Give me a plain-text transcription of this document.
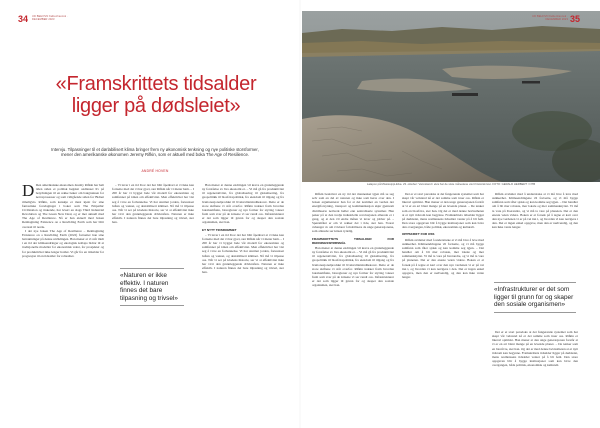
34 UD BEHOVN Københavnsk · DECEMBER 2023
«Framskrittets tidsalder ligger på dødsleiet»
Intervju. Tilpasninger til et dørlabilisert klima bringer frem ny økonomisk tenkning og nye politiske storsformer, mener den amerikanske økonomen Jeremy Rifkin, som er aktuell med boka The Age of Resilience.
ANDRÉ HOVEN
D Den amerikanske økonomen Jeremy Rifkin har helt tiden siden et politisk høgsløt ondlanset liv på betydningen til en rekke bøker om bakgrunnen for nerveprosesser og som vidtgående siden for Bidnet rimeligvis. Rifkin, som kanskje er mest kjent for sine fantastiske forsdaginger i boker som The Empathic Civilization og tinkende, har levert en slags Third Industrial Revolution og The Green New Deal, og er mer aktuell med The Age of Resilience. Nå er han aktuell med boken Reimagining Existence on a Rewilding Earth som har blitt oversatt til norsk.

I det nye boken The Age of Resilience – Reimagining Existence on a Rewilding Earth (2022) fortsetter han sine betraktninger på denne utviklingen. Han mener at vi står midt i en tid der klimaendringer og økologisk kollaps bidrar til at tradisjonelle modeller for økonomisk vekst, for prosjekter og for produktivitet ikke lenger holder. Vi går fra en tidsalder for progresjon til en tidsalder for robusthet.

– Vi lever i en tid hvor det har blitt åpenbart at vi ikke kan fortsette med det vi har gjort, sier Rifkin når vi møter ham. – I 200 år har vi bygget hele vår modell for økonomien og samfunnet på idéen om effektivitet. Men effektivitet har vist seg å være en forbannelse. Vi har utarmet jorden, forurenset luften og vannet, og destabilisert klimaet. Nå må vi tilpasse oss. Når vi ser på klodens historie, ser vi at effektivitet ikke har vært den grunnleggende drivkraften. Naturen er ikke effektiv. I naturen finnes det bare tilpasning og trivsel, sier han.

«Naturen er ikke effektiv. I naturen finnes det bare tilpasning og trivsel»

Han mener at denne endringen vil kreve en grunnleggende ny forståelse av hva økonomi er. – Vi må gå fra produktivitet til regenerativitet, fra globalisering til glokalisering, fra geopolitikk til biosfærepolitikk, fra eiendom til tilgang og fra bruttonasjonalprodukt til livskvalitetsindikatorer. Dette er de store skiftene vi står overfor. Rifkin trekker frem hvordan lokalsamfunn, bioregioner og nye former for styring vokser frem som svar på de krisene vi ser rundt oss. Infrastrukturer er det som ligger til grunn for og skaper den sosiale organismen, sier han.

ET NYTT TIDSROMMET

– Vi lever i en tid hvor det har blitt åpenbart at vi ikke kan fortsette med det vi har gjort, sier Rifkin når vi møter ham. – I 200 år har vi bygget hele vår modell for økonomien og samfunnet på idéen om effektivitet. Men effektivitet har vist seg å være en forbannelse. Vi har utarmet jorden, forurenset luften og vannet, og destabilisert klimaet. Nå må vi tilpasse oss. Når vi ser på klodens historie, ser vi at effektivitet ikke har vært den grunnleggende drivkraften. Naturen er ikke effektiv. I naturen finnes det bare tilpasning og trivsel, sier han.

35
UD BEHOVN Københavnsk · DECEMBER 2023
Lalapon på Mississippi-Elva. 23. oktober: Vannstand i elva har de siste månedene vært historisk lavt. FOTO: GERALD HERBERT / NTB

Rifkin beskriver en ny tid der mennesket igjen må se seg selv som en del av naturen og ikke som herre over den. I boken argumenterer han for at det kommer en verden der energiforsyning, transport og kommunikasjon skjer gjennom distribuerte nettverk heller enn sentraliserte systemer. Han peker på at den tredje industrielle revolusjonen allerede er i gang, og at den vil endre måten vi lever og jobber på. – Spørsmålet er om vi rekker det i tide, sier han. Svaret avhenger av om vi klarer å mobilisere de unge generasjonene, som allerede ser krisen tydelig.

FRAMSKRITTETS TIDSALDER FOR REDNINGSSPØRSMÅL

Han mener at denne endringen vil kreve en grunnleggende ny forståelse av hva økonomi er. – Vi må gå fra produktivitet til regenerativitet, fra globalisering til glokalisering, fra geopolitikk til biosfærepolitikk, fra eiendom til tilgang og fra bruttonasjonalprodukt til livskvalitetsindikatorer. Dette er de store skiftene vi står overfor. Rifkin trekker frem hvordan lokalsamfunn, bioregioner og nye former for styring vokser frem som svar på de krisene vi ser rundt oss. Infrastrukturer er det som ligger til grunn for og skaper den sosiale organismen, sier han.

Det er et stort paradoks at det fungerende systemet som har skapt vår velstand nå er det samme som truer oss. Rifkin er likevel optimist. Han mener at den unge generasjonen forstår at vi er en art blant mange på en levende planet. – De tenker som en biosfære, sier han. Og det er med denne bevisstheten at et nytt tidsrom kan begynne. Framskrittets tidsalder ligger på dødsleiet, mens resiliensens tidsalder venter på å bli født. Den store oppgaven blir å bygge institusjoner som kan bære den overgangen, både politisk, økonomisk og kulturelt.

OPPSKRIFT FOR OSS

Rifkin avslutter med å understreke at vi må lære å leve med usikkerhet. Klimaendringene vil fortsette, og vi må bygge samfunn som tåler sjokk og kan komme seg igjen. – Det handler om å bli mer robuste, mer lokale og mer sammenknyttet. Vi må ta vare på hverandre, og vi må ta vare på planeten. Det er den eneste veien videre. Boken er et forsøk på å tegne et kart over den nye verdenen vi er på vei inn i, og hvordan vi kan navigere i den. Det er ingen enkel oppgave, men den er nødvendig, og den kan ikke vente lenger.

«Infrastrukturer er det som ligger til grunn for og skaper den sosiale organismen»

Rifkin avslutter med å understreke at vi må lære å leve med usikkerhet. Klimaendringene vil fortsette, og vi må bygge samfunn som tåler sjokk og kan komme seg igjen. – Det handler om å bli mer robuste, mer lokale og mer sammenknyttet. Vi må ta vare på hverandre, og vi må ta vare på planeten. Det er den eneste veien videre. Boken er et forsøk på å tegne et kart over den nye verdenen vi er på vei inn i, og hvordan vi kan navigere i den. Det er ingen enkel oppgave, men den er nødvendig, og den kan ikke vente lenger.

Det er et stort paradoks at det fungerende systemet som har skapt vår velstand nå er det samme som truer oss. Rifkin er likevel optimist. Han mener at den unge generasjonen forstår at vi er en art blant mange på en levende planet. – De tenker som en biosfære, sier han. Og det er med denne bevisstheten at et nytt tidsrom kan begynne. Framskrittets tidsalder ligger på dødsleiet, mens resiliensens tidsalder venter på å bli født. Den store oppgaven blir å bygge institusjoner som kan bære den overgangen, både politisk, økonomisk og kulturelt.
